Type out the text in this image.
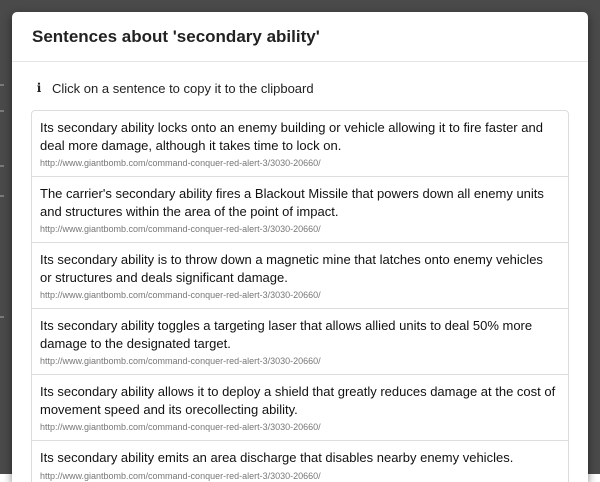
Sentences about 'secondary ability'
i Click on a sentence to copy it to the clipboard
Its secondary ability locks onto an enemy building or vehicle allowing it to fire faster and deal more damage, although it takes time to lock on.
http://www.giantbomb.com/command-conquer-red-alert-3/3030-20660/
The carrier's secondary ability fires a Blackout Missile that powers down all enemy units and structures within the area of the point of impact.
http://www.giantbomb.com/command-conquer-red-alert-3/3030-20660/
Its secondary ability is to throw down a magnetic mine that latches onto enemy vehicles or structures and deals significant damage.
http://www.giantbomb.com/command-conquer-red-alert-3/3030-20660/
Its secondary ability toggles a targeting laser that allows allied units to deal 50% more damage to the designated target.
http://www.giantbomb.com/command-conquer-red-alert-3/3030-20660/
Its secondary ability allows it to deploy a shield that greatly reduces damage at the cost of movement speed and its orecollecting ability.
http://www.giantbomb.com/command-conquer-red-alert-3/3030-20660/
Its secondary ability emits an area discharge that disables nearby enemy vehicles.
http://www.giantbomb.com/command-conquer-red-alert-3/3030-20660/
